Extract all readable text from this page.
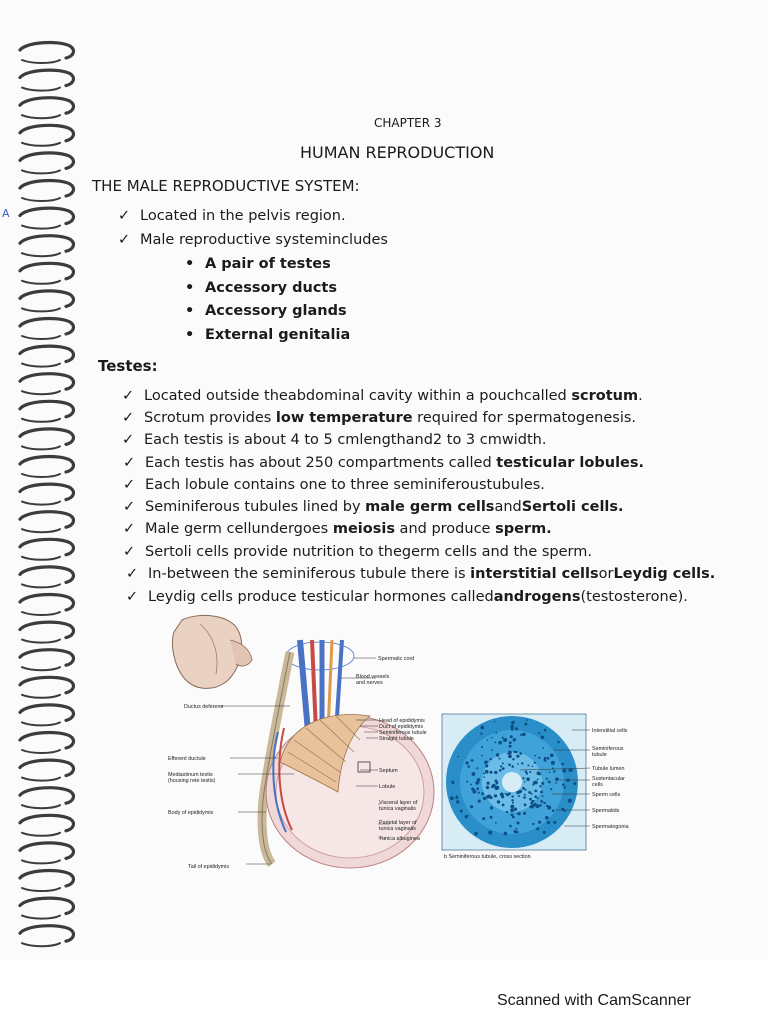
A
CHAPTER 3
HUMAN REPRODUCTION
THE MALE REPRODUCTIVE SYSTEM:
✓ Located in the pelvis region.
✓ Male reproductive systemincludes
• A pair of testes
• Accessory ducts
• Accessory glands
• External genitalia
Testes:
✓ Located outside theabdominal cavity within a pouchcalled scrotum.
✓ Scrotum provides low temperature required for spermatogenesis.
✓ Each testis is about 4 to 5 cmlengthand2 to 3 cmwidth.
✓ Each testis has about 250 compartments called testicular lobules.
✓ Each lobule contains one to three seminiferoustubules.
✓ Seminiferous tubules lined by male germ cellsandSertoli cells.
✓ Male germ cellundergoes meiosis and produce sperm.
✓ Sertoli cells provide nutrition to thegerm cells and the sperm.
✓ In-between the seminiferous tubule there is interstitial cellsorLeydig cells.
✓ Leydig cells produce testicular hormones calledandrogens(testosterone).
Spermatic cord
Blood vessels
and nerves
Head of epididymis
Duct of epididymis
Seminiferous tubule
Straight tubule
Septum
Lobule
Visceral layer of
tunica vaginalis
Parietal layer of
tunica vaginalis
Tunica albuginea
Ductus deferens
Efferent ductule
Mediastinum testis
(housing rete testis)
Body of epididymis
Tail of epididymis
Interstitial cells
Seminiferous
tubule
Tubule lumen
Sustentacular
cells
Sperm cells
Spermatids
Spermatogonia
b Seminiferous tubule, cross section
Scanned with CamScanner
